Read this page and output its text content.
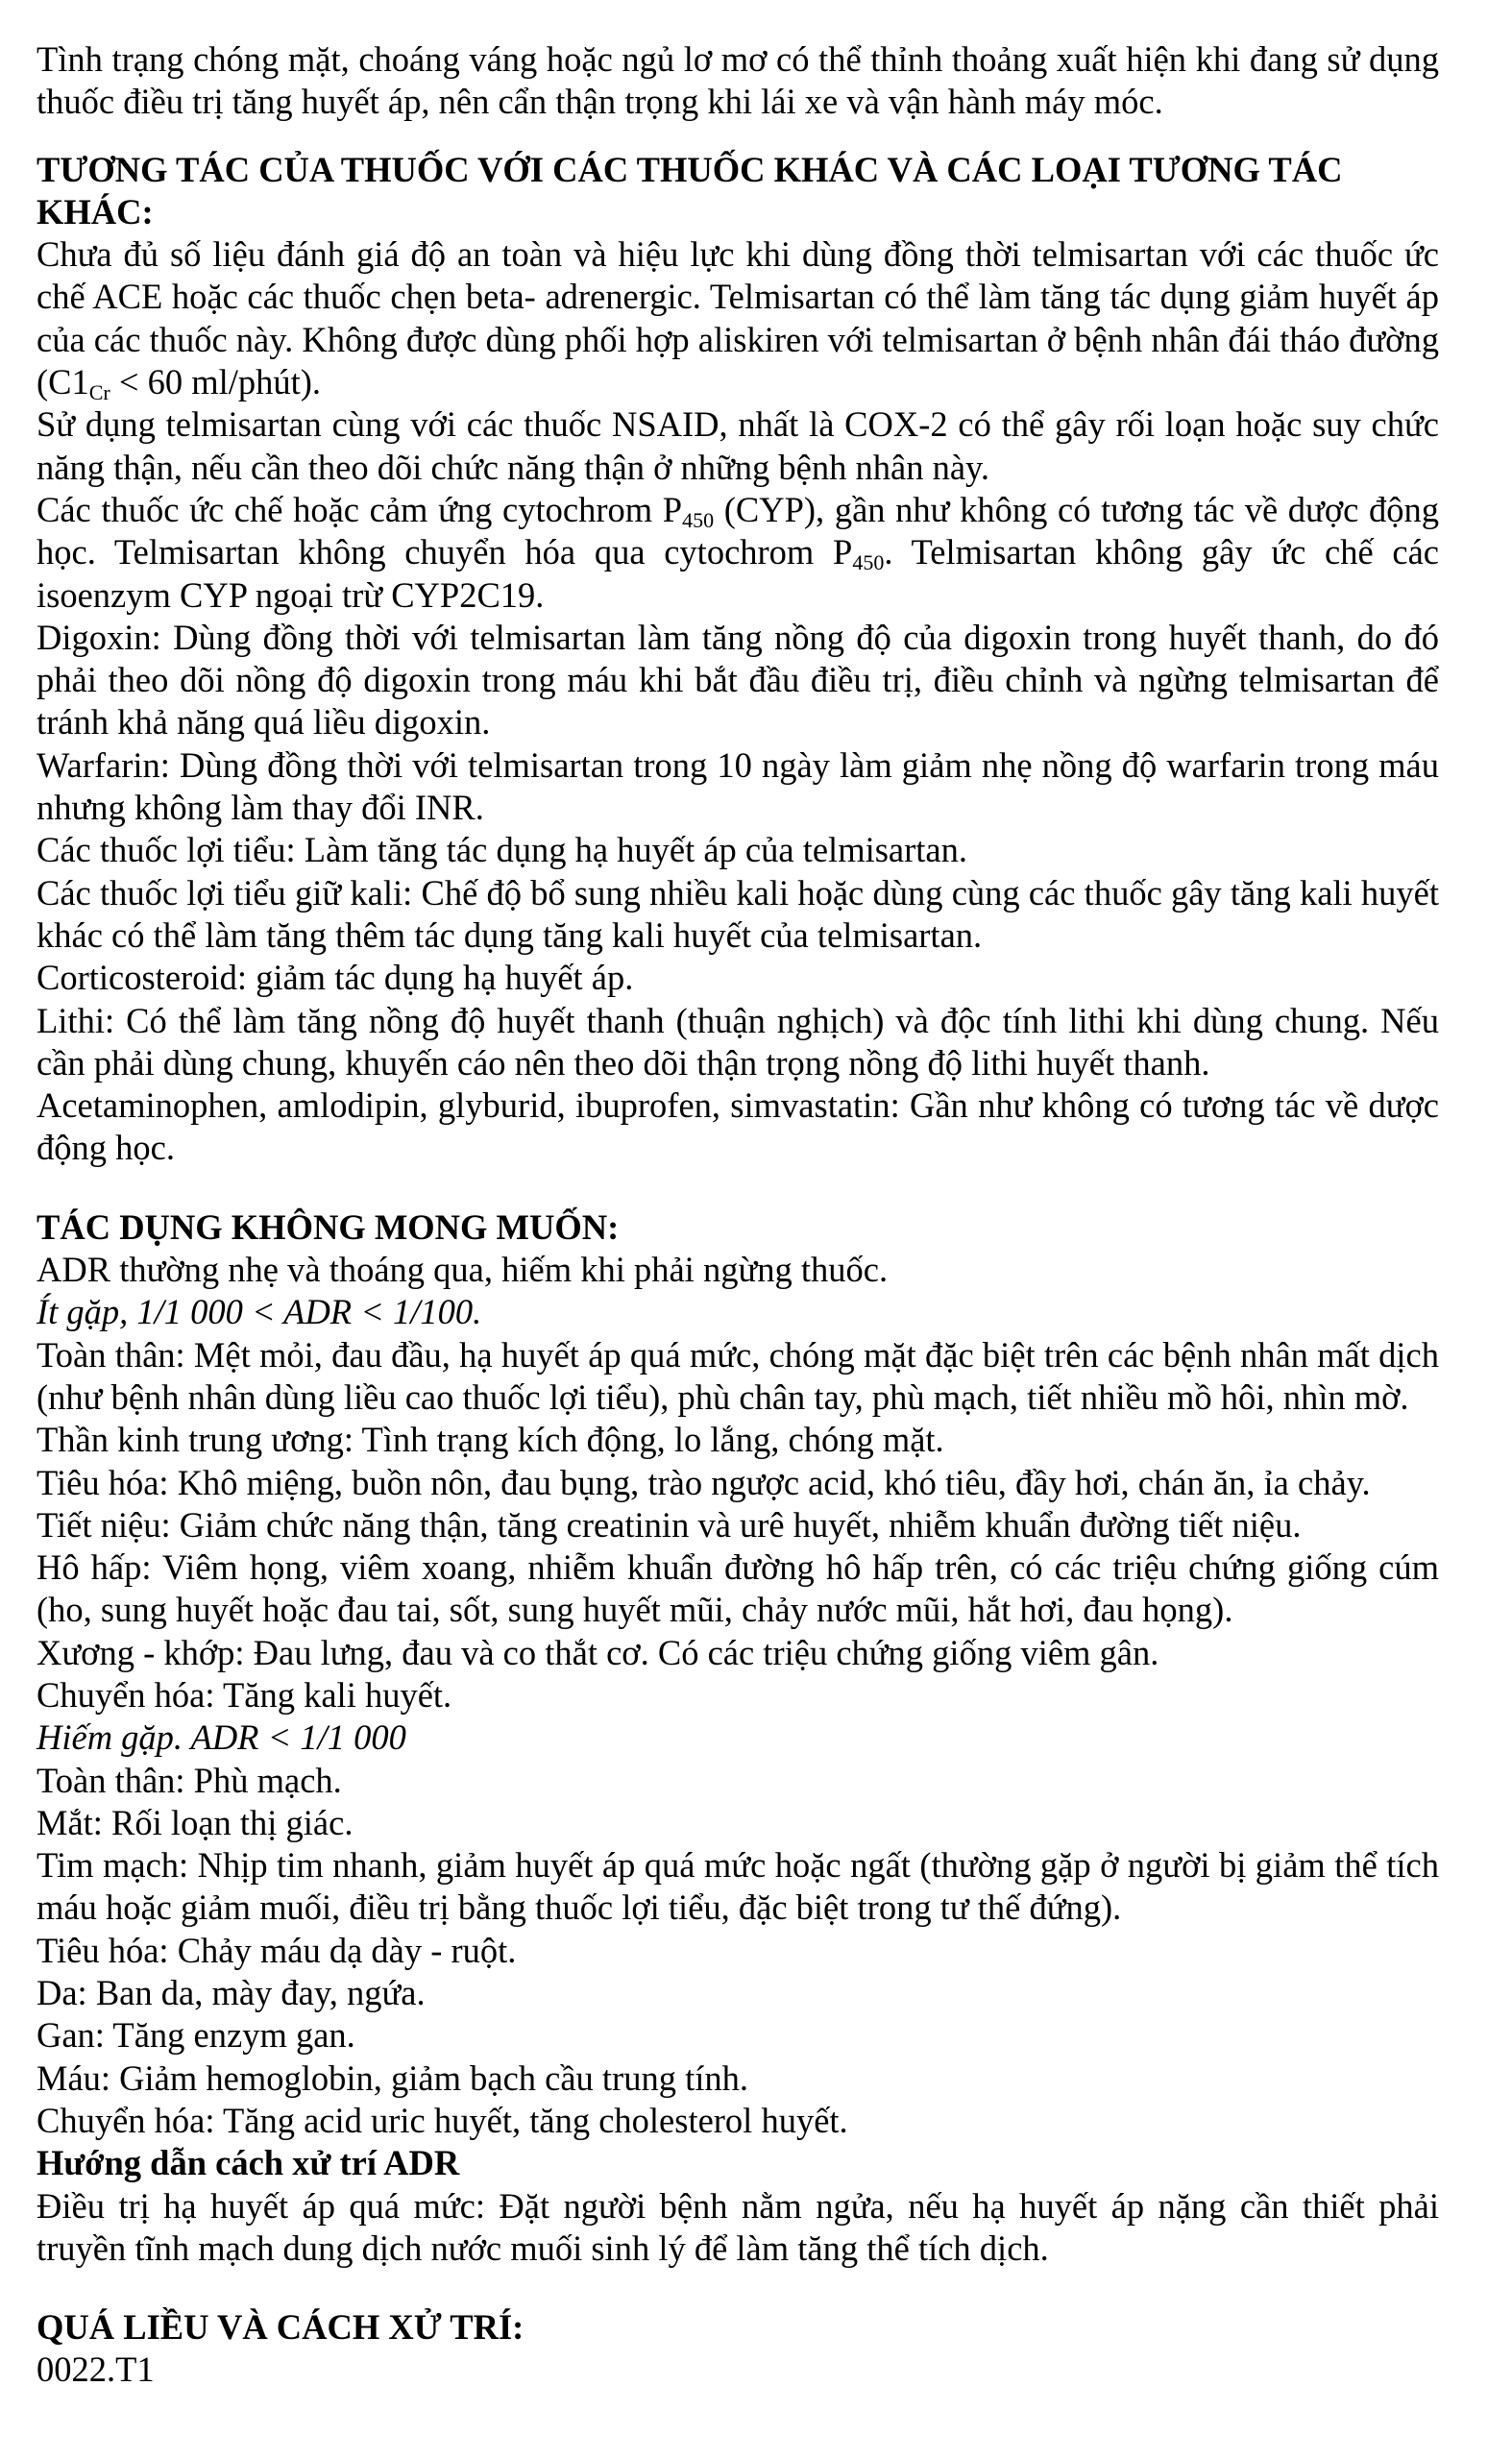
Tình trạng chóng mặt, choáng váng hoặc ngủ lơ mơ có thể thỉnh thoảng xuất hiện khi đang sử dụng thuốc điều trị tăng huyết áp, nên cẩn thận trọng khi lái xe và vận hành máy móc.

TƯƠNG TÁC CỦA THUỐC VỚI CÁC THUỐC KHÁC VÀ CÁC LOẠI TƯƠNG TÁC KHÁC:

Chưa đủ số liệu đánh giá độ an toàn và hiệu lực khi dùng đồng thời telmisartan với các thuốc ức chế ACE hoặc các thuốc chẹn beta- adrenergic. Telmisartan có thể làm tăng tác dụng giảm huyết áp của các thuốc này. Không được dùng phối hợp aliskiren với telmisartan ở bệnh nhân đái tháo đường ($C1_{Cr} < 60$ ml/phút).

Sử dụng telmisartan cùng với các thuốc NSAID, nhất là COX-2 có thể gây rối loạn hoặc suy chức năng thận, nếu cần theo dõi chức năng thận ở những bệnh nhân này.

Các thuốc ức chế hoặc cảm ứng cytochrom $P_{450}$ (CYP), gần như không có tương tác về dược động học. Telmisartan không chuyển hóa qua cytochrom $P_{450}$. Telmisartan không gây ức chế các isoenzym CYP ngoại trừ CYP2C19.

Digoxin: Dùng đồng thời với telmisartan làm tăng nồng độ của digoxin trong huyết thanh, do đó phải theo dõi nồng độ digoxin trong máu khi bắt đầu điều trị, điều chỉnh và ngừng telmisartan để tránh khả năng quá liều digoxin.

Warfarin: Dùng đồng thời với telmisartan trong 10 ngày làm giảm nhẹ nồng độ warfarin trong máu nhưng không làm thay đổi INR.

Các thuốc lợi tiểu: Làm tăng tác dụng hạ huyết áp của telmisartan.

Các thuốc lợi tiểu giữ kali: Chế độ bổ sung nhiều kali hoặc dùng cùng các thuốc gây tăng kali huyết khác có thể làm tăng thêm tác dụng tăng kali huyết của telmisartan.

Corticosteroid: giảm tác dụng hạ huyết áp.

Lithi: Có thể làm tăng nồng độ huyết thanh (thuận nghịch) và độc tính lithi khi dùng chung. Nếu cần phải dùng chung, khuyến cáo nên theo dõi thận trọng nồng độ lithi huyết thanh.

Acetaminophen, amlodipin, glyburid, ibuprofen, simvastatin: Gần như không có tương tác về dược động học.

TÁC DỤNG KHÔNG MONG MUỐN:

ADR thường nhẹ và thoáng qua, hiếm khi phải ngừng thuốc.

Ít gặp, 1/1 000 < ADR < 1/100.

Toàn thân: Mệt mỏi, đau đầu, hạ huyết áp quá mức, chóng mặt đặc biệt trên các bệnh nhân mất dịch (như bệnh nhân dùng liều cao thuốc lợi tiểu), phù chân tay, phù mạch, tiết nhiều mồ hôi, nhìn mờ.

Thần kinh trung ương: Tình trạng kích động, lo lắng, chóng mặt.

Tiêu hóa: Khô miệng, buồn nôn, đau bụng, trào ngược acid, khó tiêu, đầy hơi, chán ăn, ỉa chảy.

Tiết niệu: Giảm chức năng thận, tăng creatinin và urê huyết, nhiễm khuẩn đường tiết niệu.

Hô hấp: Viêm họng, viêm xoang, nhiễm khuẩn đường hô hấp trên, có các triệu chứng giống cúm (ho, sung huyết hoặc đau tai, sốt, sung huyết mũi, chảy nước mũi, hắt hơi, đau họng).

Xương - khớp: Đau lưng, đau và co thắt cơ. Có các triệu chứng giống viêm gân.

Chuyển hóa: Tăng kali huyết.

Hiếm gặp. ADR < 1/1 000

Toàn thân: Phù mạch.

Mắt: Rối loạn thị giác.

Tim mạch: Nhịp tim nhanh, giảm huyết áp quá mức hoặc ngất (thường gặp ở người bị giảm thể tích máu hoặc giảm muối, điều trị bằng thuốc lợi tiểu, đặc biệt trong tư thế đứng).

Tiêu hóa: Chảy máu dạ dày - ruột.

Da: Ban da, mày đay, ngứa.

Gan: Tăng enzym gan.

Máu: Giảm hemoglobin, giảm bạch cầu trung tính.

Chuyển hóa: Tăng acid uric huyết, tăng cholesterol huyết.

Hướng dẫn cách xử trí ADR

Điều trị hạ huyết áp quá mức: Đặt người bệnh nằm ngửa, nếu hạ huyết áp nặng cần thiết phải truyền tĩnh mạch dung dịch nước muối sinh lý để làm tăng thể tích dịch.

QUÁ LIỀU VÀ CÁCH XỬ TRÍ:

0022.T1
